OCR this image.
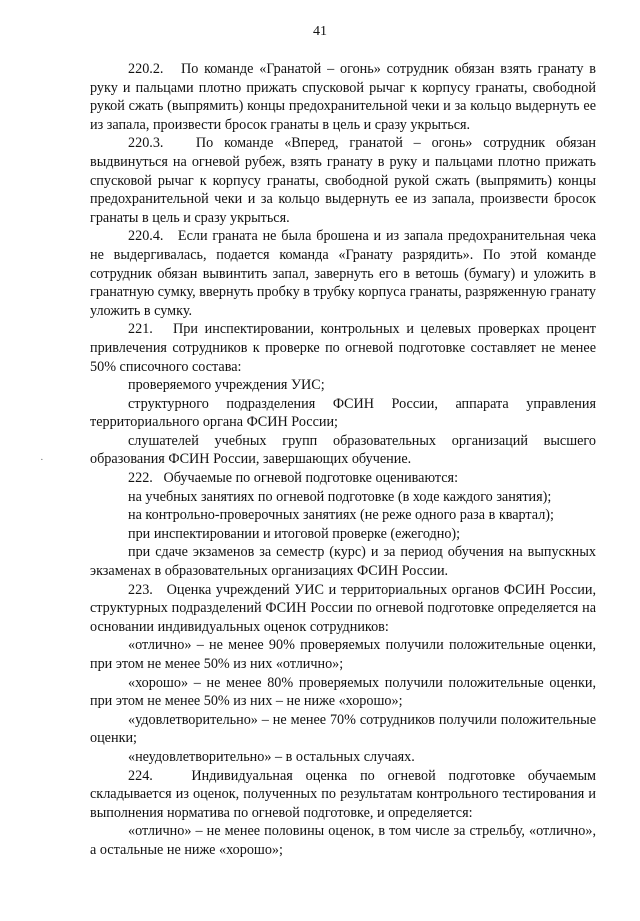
41
·

220.2.   По команде «Гранатой – огонь» сотрудник обязан взять гранату в руку и пальцами плотно прижать спусковой рычаг к корпусу гранаты, свободной рукой сжать (выпрямить) концы предохранительной чеки и за кольцо выдернуть ее из запала, произвести бросок гранаты в цель и сразу укрыться.

220.3.   По команде «Вперед, гранатой – огонь» сотрудник обязан выдвинуться на огневой рубеж, взять гранату в руку и пальцами плотно прижать спусковой рычаг к корпусу гранаты, свободной рукой сжать (выпрямить) концы предохранительной чеки и за кольцо выдернуть ее из запала, произвести бросок гранаты в цель и сразу укрыться.

220.4.   Если граната не была брошена и из запала предохранительная чека не выдергивалась, подается команда «Гранату разрядить». По этой команде сотрудник обязан вывинтить запал, завернуть его в ветошь (бумагу) и уложить в гранатную сумку, ввернуть пробку в трубку корпуса гранаты, разряженную гранату уложить в сумку.

221.   При инспектировании, контрольных и целевых проверках процент привлечения сотрудников к проверке по огневой подготовке составляет не менее 50% списочного состава:

проверяемого учреждения УИС;

структурного подразделения ФСИН России, аппарата управления территориального органа ФСИН России;

слушателей учебных групп образовательных организаций высшего образования ФСИН России, завершающих обучение.

222.   Обучаемые по огневой подготовке оцениваются:

на учебных занятиях по огневой подготовке (в ходе каждого занятия);

на контрольно-проверочных занятиях (не реже одного раза в квартал);

при инспектировании и итоговой проверке (ежегодно);

при сдаче экзаменов за семестр (курс) и за период обучения на выпускных экзаменах в образовательных организациях ФСИН России.

223.   Оценка учреждений УИС и территориальных органов ФСИН России, структурных подразделений ФСИН России по огневой подготовке определяется на основании индивидуальных оценок сотрудников:

«отлично» – не менее 90% проверяемых получили положительные оценки, при этом не менее 50% из них «отлично»;

«хорошо» – не менее 80% проверяемых получили положительные оценки, при этом не менее 50% из них – не ниже «хорошо»;

«удовлетворительно» – не менее 70% сотрудников получили положительные оценки;

«неудовлетворительно» – в остальных случаях.

224.   Индивидуальная оценка по огневой подготовке обучаемым складывается из оценок, полученных по результатам контрольного тестирования и выполнения норматива по огневой подготовке, и определяется:

«отлично» – не менее половины оценок, в том числе за стрельбу, «отлично», а остальные не ниже «хорошо»;
